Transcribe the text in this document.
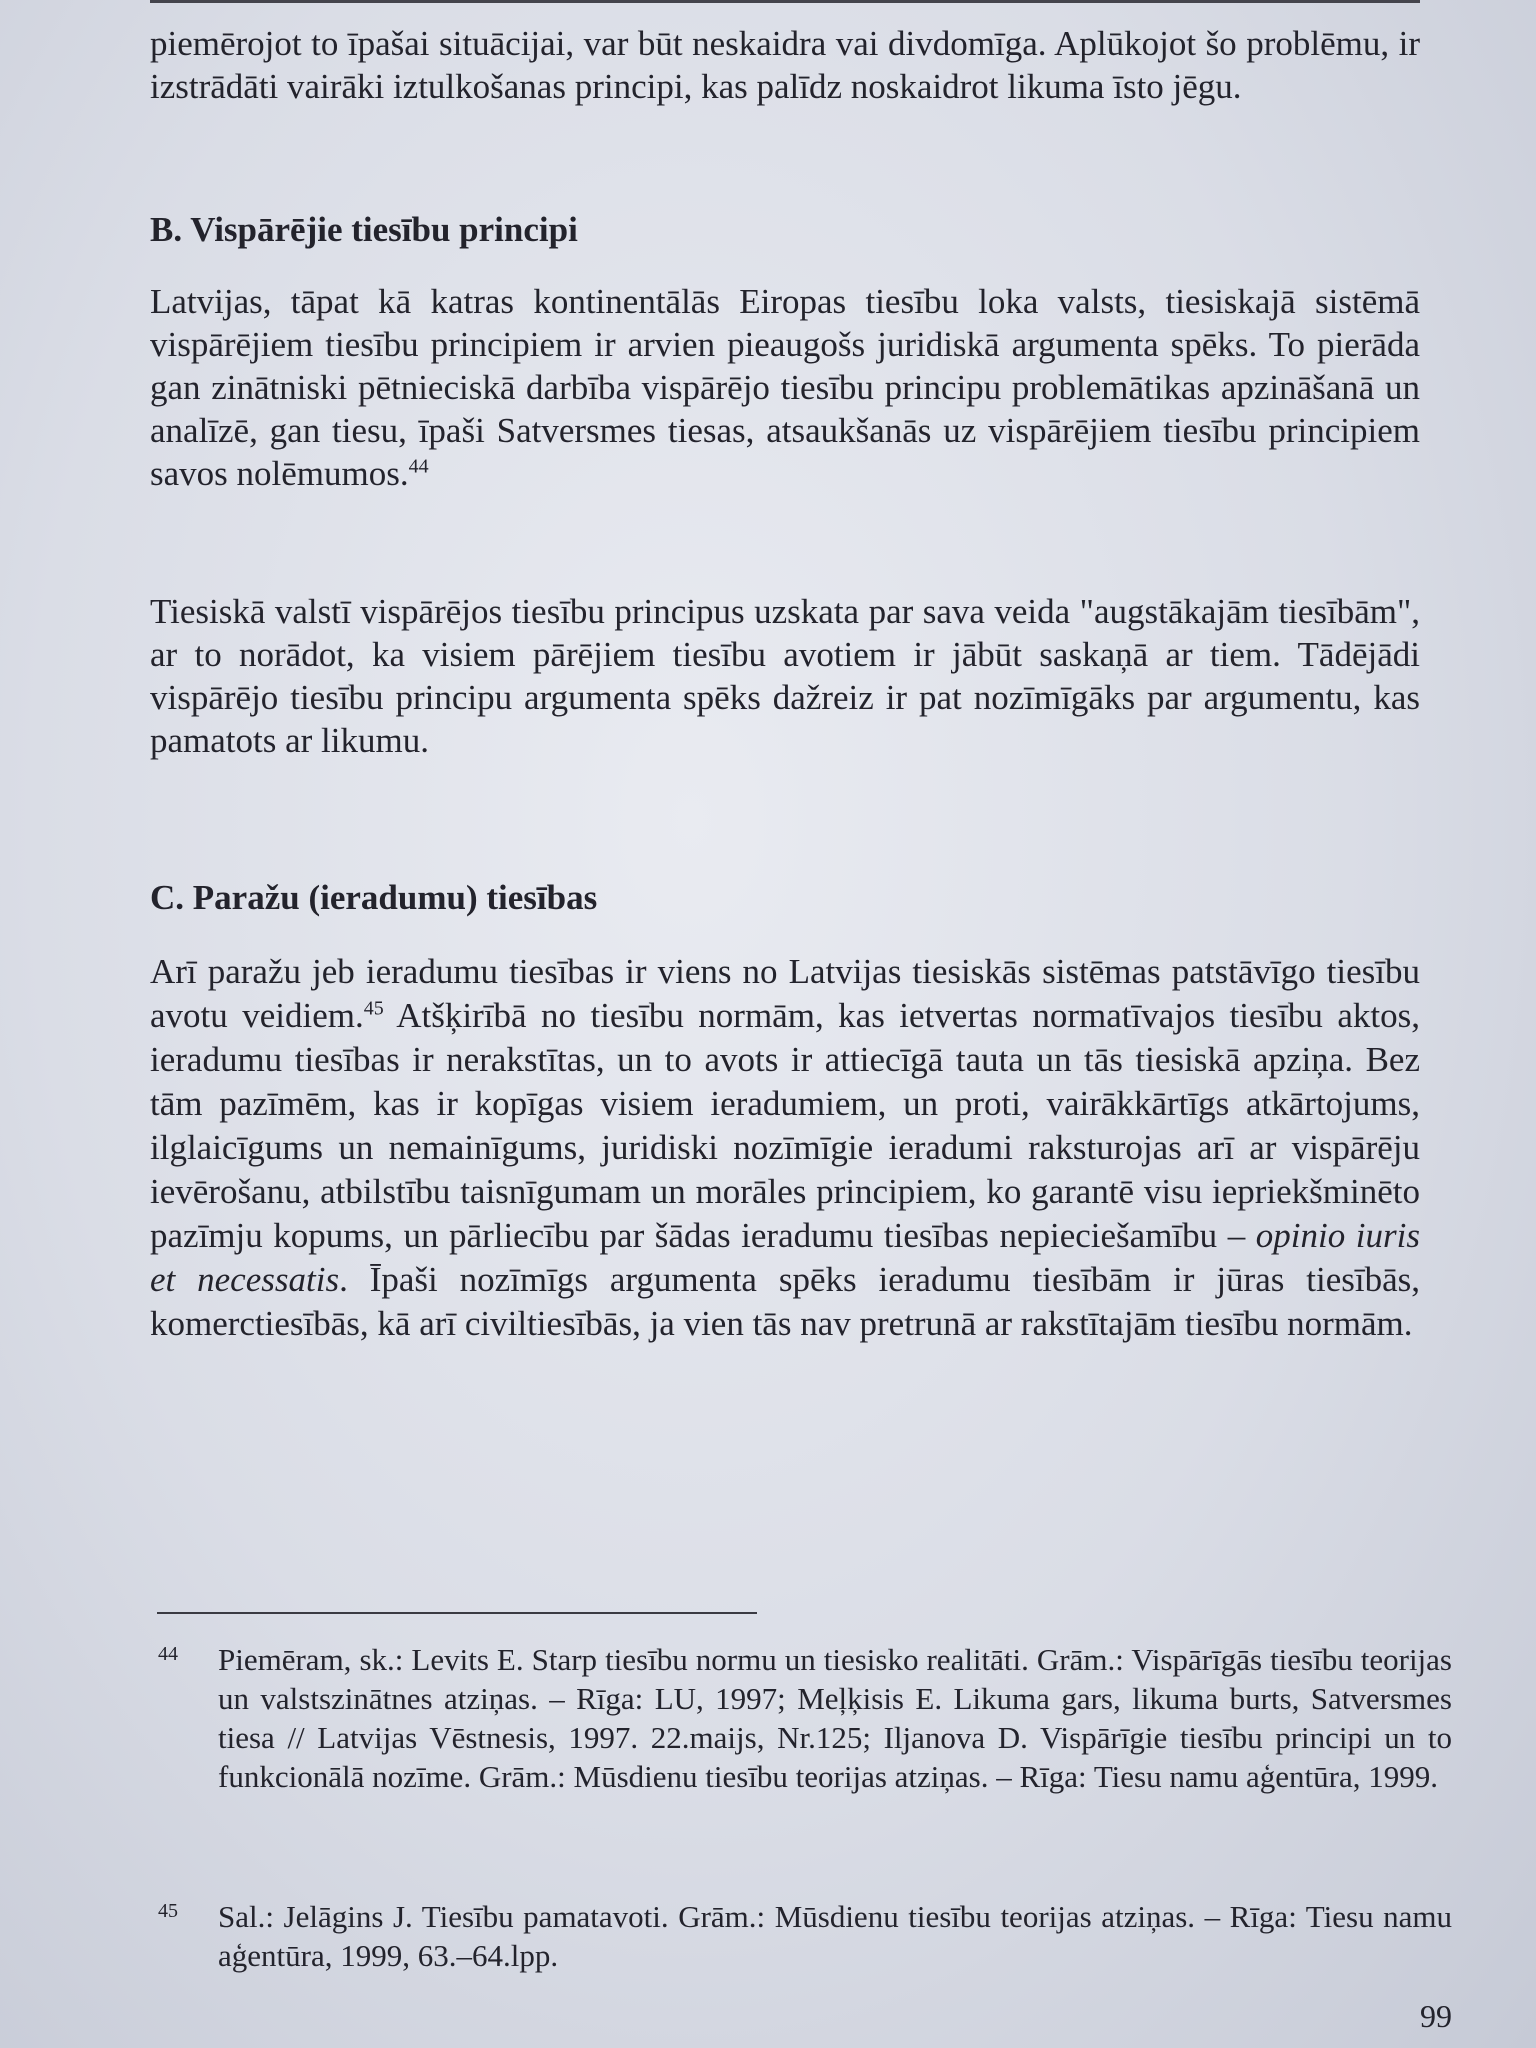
piemērojot to īpašai situācijai, var būt neskaidra vai divdomīga. Aplūkojot šo problēmu, ir izstrādāti vairāki iztulkošanas principi, kas palīdz noskaidrot likuma īsto jēgu.

B. Vispārējie tiesību principi

Latvijas, tāpat kā katras kontinentālās Eiropas tiesību loka valsts, tiesiskajā sistēmā vispārējiem tiesību principiem ir arvien pieaugošs juridiskā argumenta spēks. To pierāda gan zinātniski pētnieciskā darbība vispārējo tiesību principu problemātikas apzināšanā un analīzē, gan tiesu, īpaši Satversmes tiesas, atsaukšanās uz vispārējiem tiesību principiem savos nolēmumos.$^{44}$

Tiesiskā valstī vispārējos tiesību principus uzskata par sava veida "augstākajām tiesībām", ar to norādot, ka visiem pārējiem tiesību avotiem ir jābūt saskaņā ar tiem. Tādējādi vispārējo tiesību principu argumenta spēks dažreiz ir pat nozīmīgāks par argumentu, kas pamatots ar likumu.

C. Paražu (ieradumu) tiesības

Arī paražu jeb ieradumu tiesības ir viens no Latvijas tiesiskās sistēmas patstāvīgo tiesību avotu veidiem.$^{45}$ Atšķirībā no tiesību normām, kas ietvertas normatīvajos tiesību aktos, ieradumu tiesības ir nerakstītas, un to avots ir attiecīgā tauta un tās tiesiskā apziņa. Bez tām pazīmēm, kas ir kopīgas visiem ieradumiem, un proti, vairākkārtīgs atkārtojums, ilglaicīgums un nemainīgums, juridiski nozīmīgie ieradumi raksturojas arī ar vispārēju ievērošanu, atbilstību taisnīgumam un morāles principiem, ko garantē visu iepriekšminēto pazīmju kopums, un pārliecību par šādas ieradumu tiesības nepieciešamību – opinio iuris et necessatis. Īpaši nozīmīgs argumenta spēks ieradumu tiesībām ir jūras tiesībās, komerctiesībās, kā arī civiltiesībās, ja vien tās nav pretrunā ar rakstītajām tiesību normām.

44 Piemēram, sk.: Levits E. Starp tiesību normu un tiesisko realitāti. Grām.: Vispārīgās tiesību teorijas un valstszinātnes atziņas. – Rīga: LU, 1997; Meļķisis E. Likuma gars, likuma burts, Satversmes tiesa // Latvijas Vēstnesis, 1997. 22.maijs, Nr.125; Iljanova D. Vispārīgie tiesību principi un to funkcionālā nozīme. Grām.: Mūsdienu tiesību teorijas atziņas. – Rīga: Tiesu namu aģentūra, 1999.

45 Sal.: Jelāgins J. Tiesību pamatavoti. Grām.: Mūsdienu tiesību teorijas atziņas. – Rīga: Tiesu namu aģentūra, 1999, 63.–64.lpp.

99
